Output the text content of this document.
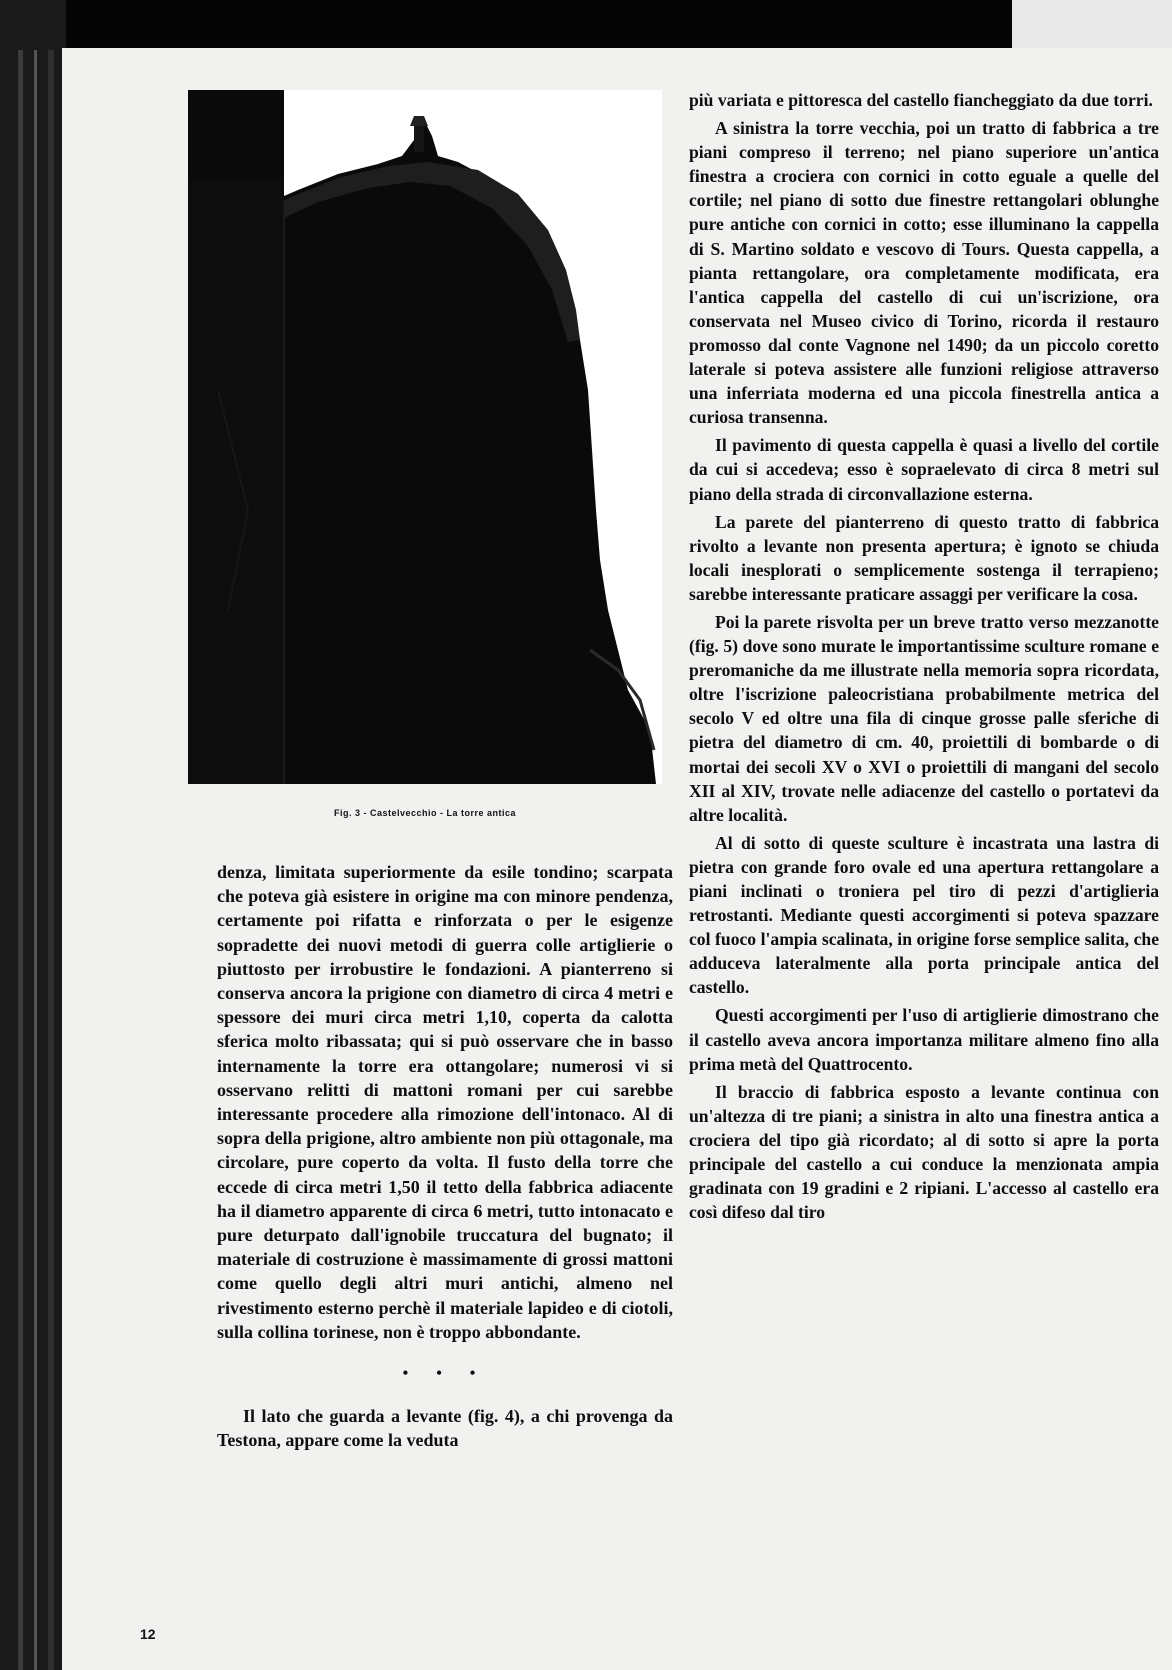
Fig. 3 - Castelvecchio - La torre antica

denza, limitata superiormente da esile tondino; scarpata che poteva già esistere in origine ma con minore pendenza, certamente poi rifatta e rinforzata o per le esigenze sopradette dei nuovi metodi di guerra colle artiglierie o piuttosto per irrobustire le fondazioni. A pianterreno si conserva ancora la prigione con diametro di circa 4 metri e spessore dei muri circa metri 1,10, coperta da calotta sferica molto ribassata; qui si può osservare che in basso internamente la torre era ottangolare; numerosi vi si osservano relitti di mattoni romani per cui sarebbe interessante procedere alla rimozione dell'intonaco. Al di sopra della prigione, altro ambiente non più ottagonale, ma circolare, pure coperto da volta. Il fusto della torre che eccede di circa metri 1,50 il tetto della fabbrica adiacente ha il diametro apparente di circa 6 metri, tutto intonacato e pure deturpato dall'ignobile truccatura del bugnato; il materiale di costruzione è massimamente di grossi mattoni come quello degli altri muri antichi, almeno nel rivestimento esterno perchè il materiale lapideo e di ciotoli, sulla collina torinese, non è troppo abbondante.

• • •

Il lato che guarda a levante (fig. 4), a chi provenga da Testona, appare come la veduta

più variata e pittoresca del castello fiancheggiato da due torri.

A sinistra la torre vecchia, poi un tratto di fabbrica a tre piani compreso il terreno; nel piano superiore un'antica finestra a crociera con cornici in cotto eguale a quelle del cortile; nel piano di sotto due finestre rettangolari oblunghe pure antiche con cornici in cotto; esse illuminano la cappella di S. Martino soldato e vescovo di Tours. Questa cappella, a pianta rettangolare, ora completamente modificata, era l'antica cappella del castello di cui un'iscrizione, ora conservata nel Museo civico di Torino, ricorda il restauro promosso dal conte Vagnone nel 1490; da un piccolo coretto laterale si poteva assistere alle funzioni religiose attraverso una inferriata moderna ed una piccola finestrella antica a curiosa transenna.

Il pavimento di questa cappella è quasi a livello del cortile da cui si accedeva; esso è sopraelevato di circa 8 metri sul piano della strada di circonvallazione esterna.

La parete del pianterreno di questo tratto di fabbrica rivolto a levante non presenta apertura; è ignoto se chiuda locali inesplorati o semplicemente sostenga il terrapieno; sarebbe interessante praticare assaggi per verificare la cosa.

Poi la parete risvolta per un breve tratto verso mezzanotte (fig. 5) dove sono murate le importantissime sculture romane e preromaniche da me illustrate nella memoria sopra ricordata, oltre l'iscrizione paleocristiana probabilmente metrica del secolo V ed oltre una fila di cinque grosse palle sferiche di pietra del diametro di cm. 40, proiettili di bombarde o di mortai dei secoli XV o XVI o proiettili di mangani del secolo XII al XIV, trovate nelle adiacenze del castello o portatevi da altre località.

Al di sotto di queste sculture è incastrata una lastra di pietra con grande foro ovale ed una apertura rettangolare a piani inclinati o troniera pel tiro di pezzi d'artiglieria retrostanti. Mediante questi accorgimenti si poteva spazzare col fuoco l'ampia scalinata, in origine forse semplice salita, che adduceva lateralmente alla porta principale antica del castello.

Questi accorgimenti per l'uso di artiglierie dimostrano che il castello aveva ancora importanza militare almeno fino alla prima metà del Quattrocento.

Il braccio di fabbrica esposto a levante continua con un'altezza di tre piani; a sinistra in alto una finestra antica a crociera del tipo già ricordato; al di sotto si apre la porta principale del castello a cui conduce la menzionata ampia gradinata con 19 gradini e 2 ripiani. L'accesso al castello era così difeso dal tiro

12
